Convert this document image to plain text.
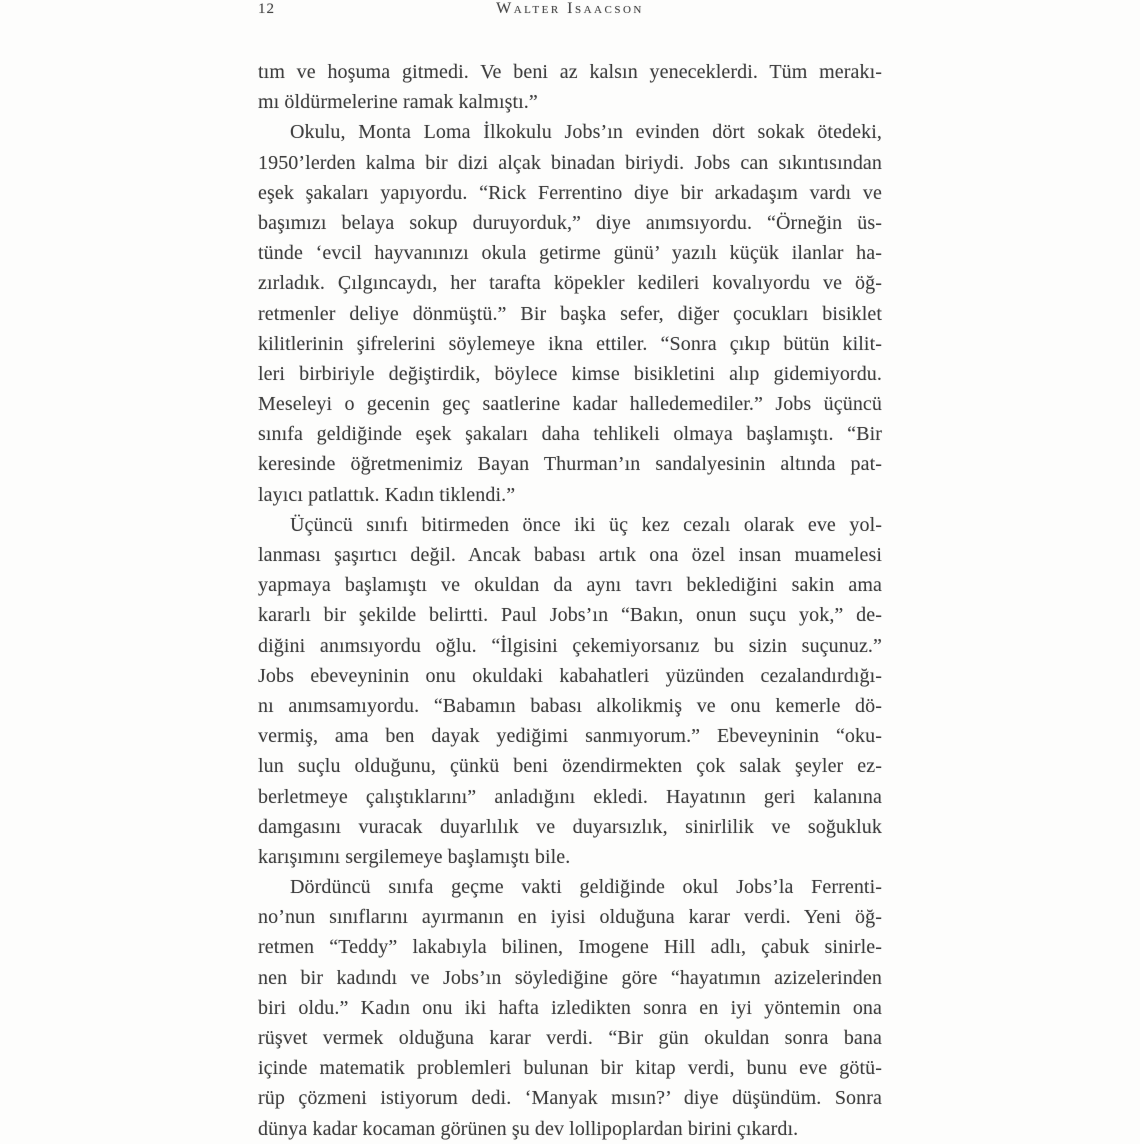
12	Walter Isaacson
tım ve hoşuma gitmedi. Ve beni az kalsın yeneceklerdi. Tüm merakı-
mı öldürmelerine ramak kalmıştı.”
Okulu, Monta Loma İlkokulu Jobs’ın evinden dört sokak ötedeki,
1950’lerden kalma bir dizi alçak binadan biriydi. Jobs can sıkıntısından
eşek şakaları yapıyordu. “Rick Ferrentino diye bir arkadaşım vardı ve
başımızı belaya sokup duruyorduk,” diye anımsıyordu. “Örneğin üs-
tünde ‘evcil hayvanınızı okula getirme günü’ yazılı küçük ilanlar ha-
zırladık. Çılgıncaydı, her tarafta köpekler kedileri kovalıyordu ve öğ-
retmenler deliye dönmüştü.” Bir başka sefer, diğer çocukları bisiklet
kilitlerinin şifrelerini söylemeye ikna ettiler. “Sonra çıkıp bütün kilit-
leri birbiriyle değiştirdik, böylece kimse bisikletini alıp gidemiyordu.
Meseleyi o gecenin geç saatlerine kadar halledemediler.” Jobs üçüncü
sınıfa geldiğinde eşek şakaları daha tehlikeli olmaya başlamıştı. “Bir
keresinde öğretmenimiz Bayan Thurman’ın sandalyesinin altında pat-
layıcı patlattık. Kadın tiklendi.”
Üçüncü sınıfı bitirmeden önce iki üç kez cezalı olarak eve yol-
lanması şaşırtıcı değil. Ancak babası artık ona özel insan muamelesi
yapmaya başlamıştı ve okuldan da aynı tavrı beklediğini sakin ama
kararlı bir şekilde belirtti. Paul Jobs’ın “Bakın, onun suçu yok,” de-
diğini anımsıyordu oğlu. “İlgisini çekemiyorsanız bu sizin suçunuz.”
Jobs ebeveyninin onu okuldaki kabahatleri yüzünden cezalandırdığı-
nı anımsamıyordu. “Babamın babası alkolikmiş ve onu kemerle dö-
vermiş, ama ben dayak yediğimi sanmıyorum.” Ebeveyninin “oku-
lun suçlu olduğunu, çünkü beni özendirmekten çok salak şeyler ez-
berletmeye çalıştıklarını” anladığını ekledi. Hayatının geri kalanına
damgasını vuracak duyarlılık ve duyarsızlık, sinirlilik ve soğukluk
karışımını sergilemeye başlamıştı bile.
Dördüncü sınıfa geçme vakti geldiğinde okul Jobs’la Ferrenti-
no’nun sınıflarını ayırmanın en iyisi olduğuna karar verdi. Yeni öğ-
retmen “Teddy” lakabıyla bilinen, Imogene Hill adlı, çabuk sinirle-
nen bir kadındı ve Jobs’ın söylediğine göre “hayatımın azizelerinden
biri oldu.” Kadın onu iki hafta izledikten sonra en iyi yöntemin ona
rüşvet vermek olduğuna karar verdi. “Bir gün okuldan sonra bana
içinde matematik problemleri bulunan bir kitap verdi, bunu eve götü-
rüp çözmeni istiyorum dedi. ‘Manyak mısın?’ diye düşündüm. Sonra
dünya kadar kocaman görünen şu dev lollipoplardan birini çıkardı.
